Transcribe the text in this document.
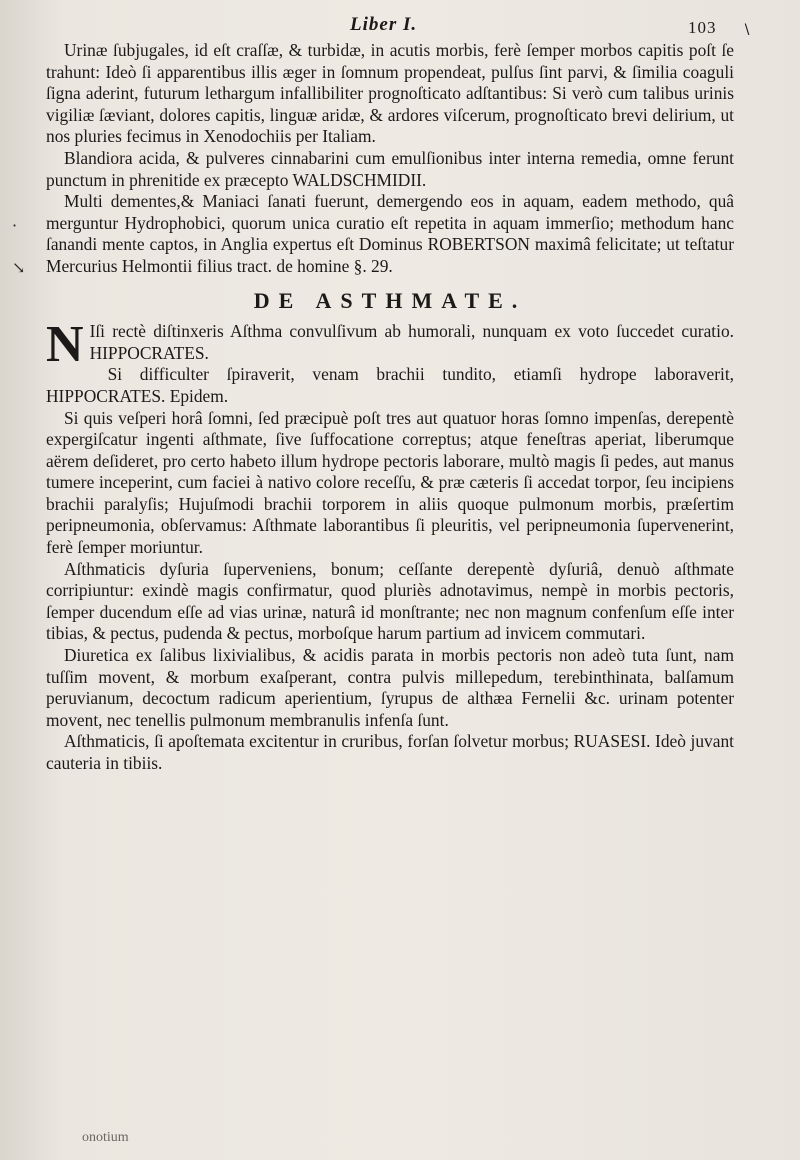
Liber I.	103 ∖
·
↘

Urinæ ſubjugales, id eſt craſſæ, & turbidæ, in acutis morbis, ferè ſemper morbos capitis poſt ſe trahunt: Ideò ſi apparentibus illis æger in ſomnum propendeat, pulſus ſint parvi, & ſimilia coaguli ſigna aderint, futurum lethargum infallibiliter prognoſticato adſtantibus: Si verò cum talibus urinis vigiliæ ſæviant, dolores capitis, linguæ aridæ, & ardores viſcerum, prognoſticato brevi delirium, ut nos pluries fecimus in Xenodochiis per Italiam.

Blandiora acida, & pulveres cinnabarini cum emulſionibus inter interna remedia, omne ferunt punctum in phrenitide ex præcepto WALDSCHMIDII.

Multi dementes,& Maniaci ſanati fuerunt, demergendo eos in aquam, eadem methodo, quâ merguntur Hydrophobici, quorum unica curatio eſt repetita in aquam immerſio; methodum hanc ſanandi mente captos, in Anglia expertus eſt Dominus ROBERTSON maximâ felicitate; ut teſtatur Mercurius Helmontii filius tract. de homine §. 29.

DE ASTHMATE.
N Iſi rectè diſtinxeris Aſthma convulſivum ab humorali, nunquam ex voto ſuccedet curatio. HIPPOCRATES.

Si difficulter ſpiraverit, venam brachii tundito, etiamſi hydrope laboraverit, HIPPOCRATES. Epidem.

Si quis veſperi horâ ſomni, ſed præcipuè poſt tres aut quatuor horas ſomno impenſas, derepentè expergiſcatur ingenti aſthmate, ſive ſuffocatione correptus; atque feneſtras aperiat, liberumque aërem deſideret, pro certo habeto illum hydrope pectoris laborare, multò magis ſi pedes, aut manus tumere inceperint, cum faciei à nativo colore receſſu, & præ cæteris ſi accedat torpor, ſeu incipiens brachii paralyſis; Hujuſmodi brachii torporem in aliis quoque pulmonum morbis, præſertim peripneumonia, obſervamus: Aſthmate laborantibus ſi pleuritis, vel peripneumonia ſupervenerint, ferè ſemper moriuntur.

Aſthmaticis dyſuria ſuperveniens, bonum; ceſſante derepentè dyſuriâ, denuò aſthmate corripiuntur: exindè magis confirmatur, quod pluriès adnotavimus, nempè in morbis pectoris, ſemper ducendum eſſe ad vias urinæ, naturâ id monſtrante; nec non magnum confenſum eſſe inter tibias, & pectus, pudenda & pectus, morboſque harum partium ad invicem commutari.

Diuretica ex ſalibus lixivialibus, & acidis parata in morbis pectoris non adeò tuta ſunt, nam tuſſim movent, & morbum exaſperant, contra pulvis millepedum, terebinthinata, balſamum peruvianum, decoctum radicum aperientium, ſyrupus de althæa Fernelii &c. urinam potenter movent, nec tenellis pulmonum membranulis infenſa ſunt.

Aſthmaticis, ſi apoſtemata excitentur in cruribus, forſan ſolvetur morbus; RUASESI. Ideò juvant cauteria in tibiis.

onotium
